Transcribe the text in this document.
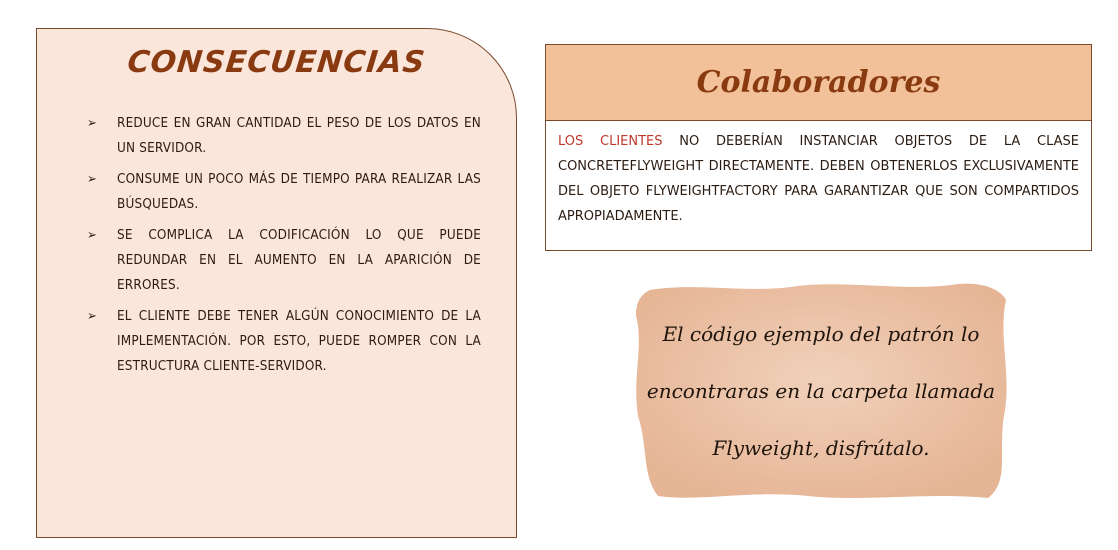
CONSECUENCIAS
➢ REDUCE EN GRAN CANTIDAD EL PESO DE LOS DATOS EN UN SERVIDOR.
➢ CONSUME UN POCO MÁS DE TIEMPO PARA REALIZAR LAS BÚSQUEDAS.
➢ SE COMPLICA LA CODIFICACIÓN LO QUE PUEDE REDUNDAR EN EL AUMENTO EN LA APARICIÓN DE ERRORES.
➢ EL CLIENTE DEBE TENER ALGÚN CONOCIMIENTO DE LA IMPLEMENTACIÓN. POR ESTO, PUEDE ROMPER CON LA ESTRUCTURA CLIENTE-SERVIDOR.
Colaboradores
LOS CLIENTES NO DEBERÍAN INSTANCIAR OBJETOS DE LA CLASE CONCRETEFLYWEIGHT DIRECTAMENTE. DEBEN OBTENERLOS EXCLUSIVAMENTE DEL OBJETO FLYWEIGHTFACTORY PARA GARANTIZAR QUE SON COMPARTIDOS APROPIADAMENTE.

El código ejemplo del patrón lo

encontraras en la carpeta llamada

Flyweight, disfrútalo.
